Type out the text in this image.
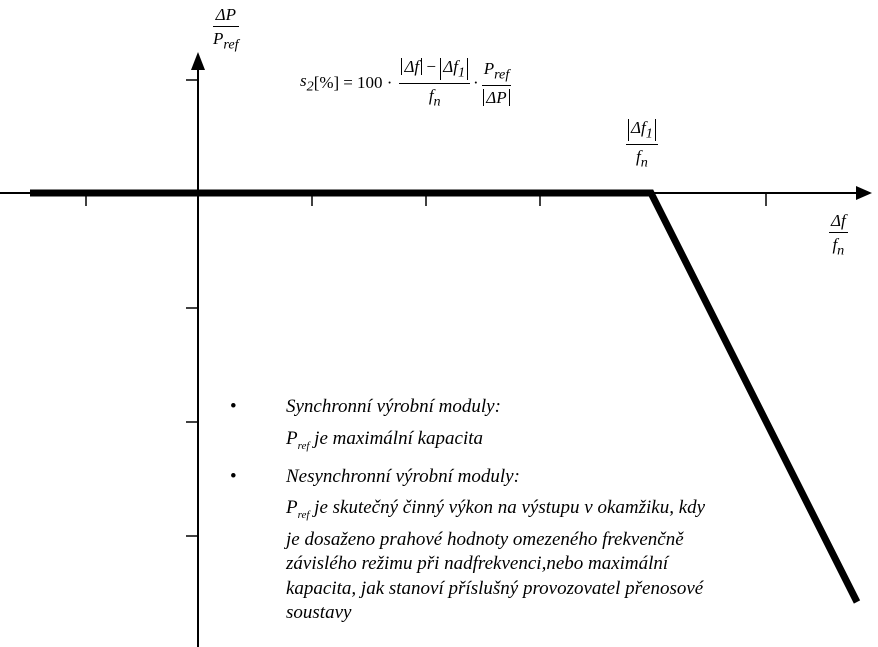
ΔP
$P_{ref}$
$\Delta f_1$
$f_n$
Δf
$f_n$
$s_2$ [%] = $100 \cdot \frac{\Delta f - \Delta f_1}{f_n} \cdot \frac{P_{ref}}{\Delta P}$
•	Synchronní výrobní moduly:
$P_{ref}$ je maximální kapacita
•	Nesynchronní výrobní moduly:
$P_{ref}$ je skutečný činný výkon na výstupu v okamžiku, kdy
je dosaženo prahové hodnoty omezeného frekvenčně
závislého režimu při nadfrekvenci,nebo maximální
kapacita, jak stanoví příslušný provozovatel přenosové
soustavy
